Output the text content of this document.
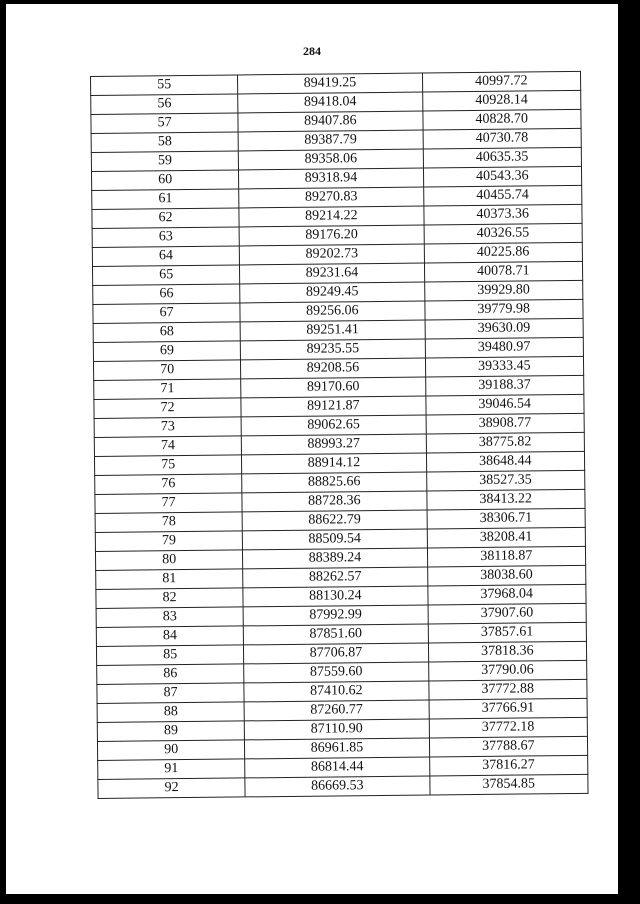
284
55	89419.25	40997.72
56	89418.04	40928.14
57	89407.86	40828.70
58	89387.79	40730.78
59	89358.06	40635.35
60	89318.94	40543.36
61	89270.83	40455.74
62	89214.22	40373.36
63	89176.20	40326.55
64	89202.73	40225.86
65	89231.64	40078.71
66	89249.45	39929.80
67	89256.06	39779.98
68	89251.41	39630.09
69	89235.55	39480.97
70	89208.56	39333.45
71	89170.60	39188.37
72	89121.87	39046.54
73	89062.65	38908.77
74	88993.27	38775.82
75	88914.12	38648.44
76	88825.66	38527.35
77	88728.36	38413.22
78	88622.79	38306.71
79	88509.54	38208.41
80	88389.24	38118.87
81	88262.57	38038.60
82	88130.24	37968.04
83	87992.99	37907.60
84	87851.60	37857.61
85	87706.87	37818.36
86	87559.60	37790.06
87	87410.62	37772.88
88	87260.77	37766.91
89	87110.90	37772.18
90	86961.85	37788.67
91	86814.44	37816.27
92	86669.53	37854.85
